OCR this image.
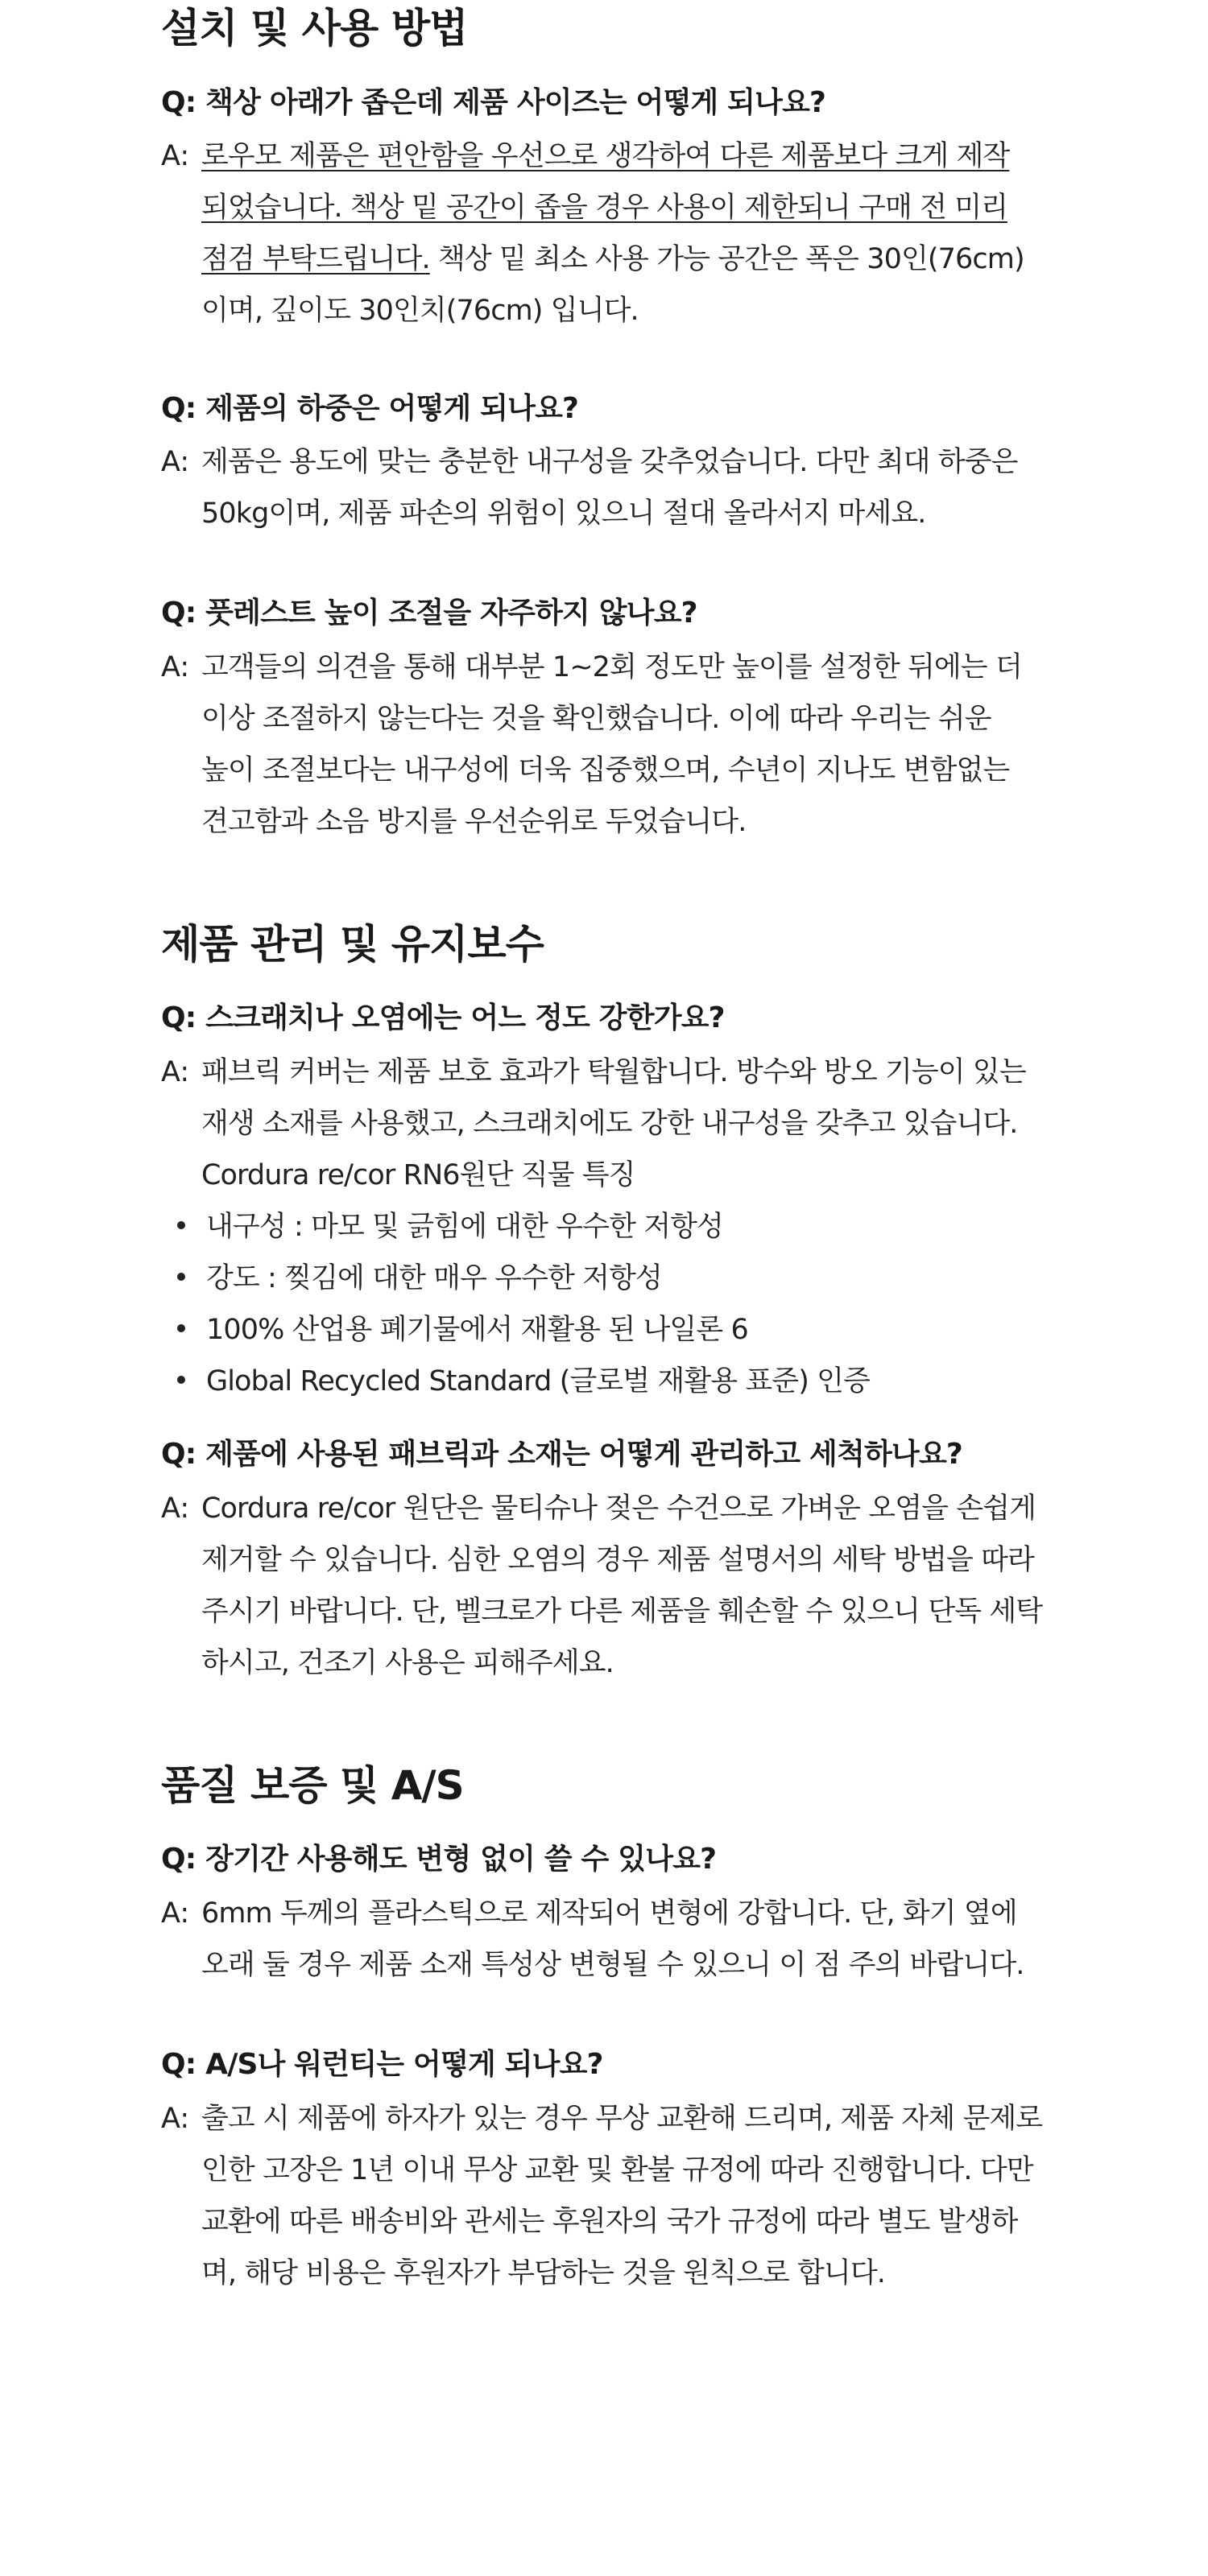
설치 및 사용 방법
Q: 책상 아래가 좁은데 제품 사이즈는 어떻게 되나요?
A: 로우모 제품은 편안함을 우선으로 생각하여 다른 제품보다 크게 제작
되었습니다. 책상 밑 공간이 좁을 경우 사용이 제한되니 구매 전 미리
점검 부탁드립니다. 책상 밑 최소 사용 가능 공간은 폭은 30인(76cm)
이며, 깊이도 30인치(76cm) 입니다.
Q: 제품의 하중은 어떻게 되나요?
A: 제품은 용도에 맞는 충분한 내구성을 갖추었습니다. 다만 최대 하중은
50kg이며, 제품 파손의 위험이 있으니 절대 올라서지 마세요.
Q: 풋레스트 높이 조절을 자주하지 않나요?
A: 고객들의 의견을 통해 대부분 1~2회 정도만 높이를 설정한 뒤에는 더
이상 조절하지 않는다는 것을 확인했습니다. 이에 따라 우리는 쉬운
높이 조절보다는 내구성에 더욱 집중했으며, 수년이 지나도 변함없는
견고함과 소음 방지를 우선순위로 두었습니다.
제품 관리 및 유지보수
Q: 스크래치나 오염에는 어느 정도 강한가요?
A: 패브릭 커버는 제품 보호 효과가 탁월합니다. 방수와 방오 기능이 있는
재생 소재를 사용했고, 스크래치에도 강한 내구성을 갖추고 있습니다.
Cordura re/cor RN6원단 직물 특징
내구성 : 마모 및 긁힘에 대한 우수한 저항성
강도 : 찢김에 대한 매우 우수한 저항성
100% 산업용 폐기물에서 재활용 된 나일론 6
Global Recycled Standard (글로벌 재활용 표준) 인증
Q: 제품에 사용된 패브릭과 소재는 어떻게 관리하고 세척하나요?
A: Cordura re/cor 원단은 물티슈나 젖은 수건으로 가벼운 오염을 손쉽게
제거할 수 있습니다. 심한 오염의 경우 제품 설명서의 세탁 방법을 따라
주시기 바랍니다. 단, 벨크로가 다른 제품을 훼손할 수 있으니 단독 세탁
하시고, 건조기 사용은 피해주세요.
품질 보증 및 A/S
Q: 장기간 사용해도 변형 없이 쓸 수 있나요?
A: 6mm 두께의 플라스틱으로 제작되어 변형에 강합니다. 단, 화기 옆에
오래 둘 경우 제품 소재 특성상 변형될 수 있으니 이 점 주의 바랍니다.
Q: A/S나 워런티는 어떻게 되나요?
A: 출고 시 제품에 하자가 있는 경우 무상 교환해 드리며, 제품 자체 문제로
인한 고장은 1년 이내 무상 교환 및 환불 규정에 따라 진행합니다. 다만
교환에 따른 배송비와 관세는 후원자의 국가 규정에 따라 별도 발생하
며, 해당 비용은 후원자가 부담하는 것을 원칙으로 합니다.
